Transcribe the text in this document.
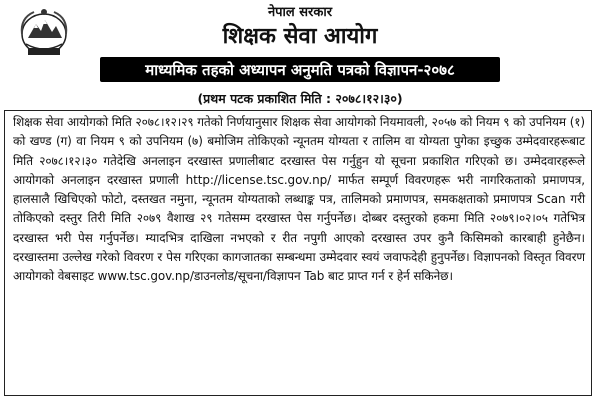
नेपाल सरकार
शिक्षक सेवा आयोग
माध्यमिक तहको अध्यापन अनुमति पत्रको विज्ञापन-२०७८
(प्रथम पटक प्रकाशित मिति : २०७८।१२।३०)

शिक्षक सेवा आयोगको मिति २०७८।१२।२९ गतेको निर्णयानुसार शिक्षक सेवा आयोगको नियमावली, २०५७ को नियम ९ को उपनियम (१) को खण्ड (ग) वा नियम ९ को उपनियम (७) बमोजिम तोकिएको न्यूनतम योग्यता र तालिम वा योग्यता पुगेका इच्छुक उम्मेदवारहरूबाट मिति २०७८।१२।३० गतेदेखि अनलाइन दरखास्त प्रणालीबाट दरखास्त पेस गर्नुहुन यो सूचना प्रकाशित गरिएको छ। उम्मेदवारहरूले आयोगको अनलाइन दरखास्त प्रणाली http://license.tsc.gov.np/ मार्फत सम्पूर्ण विवरणहरू भरी नागरिकताको प्रमाणपत्र, हालसालै खिचिएको फोटो, दस्तखत नमुना, न्यूनतम योग्यताको लब्धाङ्क पत्र, तालिमको प्रमाणपत्र, समकक्षताको प्रमाणपत्र Scan गरी तोकिएको दस्तुर तिरी मिति २०७९ वैशाख २९ गतेसम्म दरखास्त पेस गर्नुपर्नेछ। दोब्बर दस्तुरको हकमा मिति २०७९।०२।०५ गतेभित्र दरखास्त भरी पेस गर्नुपर्नेछ। म्यादभित्र दाखिला नभएको र रीत नपुगी आएको दरखास्त उपर कुनै किसिमको कारबाही हुनेछैन। दरखास्तमा उल्लेख गरेको विवरण र पेस गरिएका कागजातका सम्बन्धमा उम्मेदवार स्वयं जवाफदेही हुनुपर्नेछ। विज्ञापनको विस्तृत विवरण आयोगको वेबसाइट www.tsc.gov.np/डाउनलोड/सूचना/विज्ञापन Tab बाट प्राप्त गर्न र हेर्न सकिनेछ।
